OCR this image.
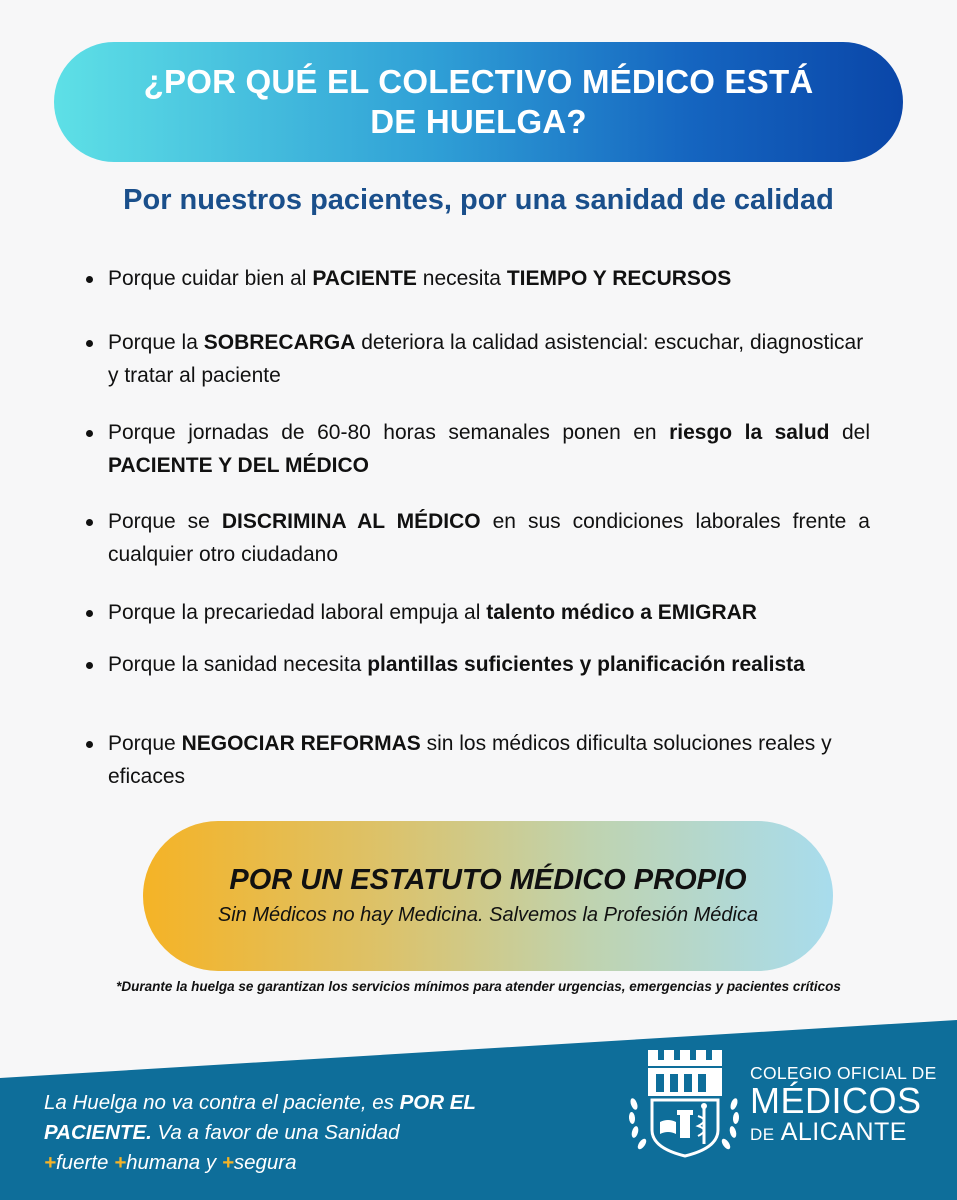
¿POR QUÉ EL COLECTIVO MÉDICO ESTÁ
DE HUELGA?
Por nuestros pacientes, por una sanidad de calidad
Porque cuidar bien al PACIENTE necesita TIEMPO Y RECURSOS
Porque la SOBRECARGA deteriora la calidad asistencial: escuchar, diagnosticar y tratar al paciente
Porque jornadas de 60-80 horas semanales ponen en riesgo la salud del PACIENTE Y DEL MÉDICO
Porque se DISCRIMINA AL MÉDICO en sus condiciones laborales frente a cualquier otro ciudadano
Porque la precariedad laboral empuja al talento médico a EMIGRAR
Porque la sanidad necesita plantillas suficientes y planificación realista
Porque NEGOCIAR REFORMAS sin los médicos dificulta soluciones reales y eficaces
POR UN ESTATUTO MÉDICO PROPIO
Sin Médicos no hay Medicina. Salvemos la Profesión Médica
*Durante la huelga se garantizan los servicios mínimos para atender urgencias, emergencias y pacientes críticos
La Huelga no va contra el paciente, es POR EL PACIENTE. Va a favor de una Sanidad
+fuerte +humana y +segura
COLEGIO OFICIAL DE
MÉDICOS
DE ALICANTE
